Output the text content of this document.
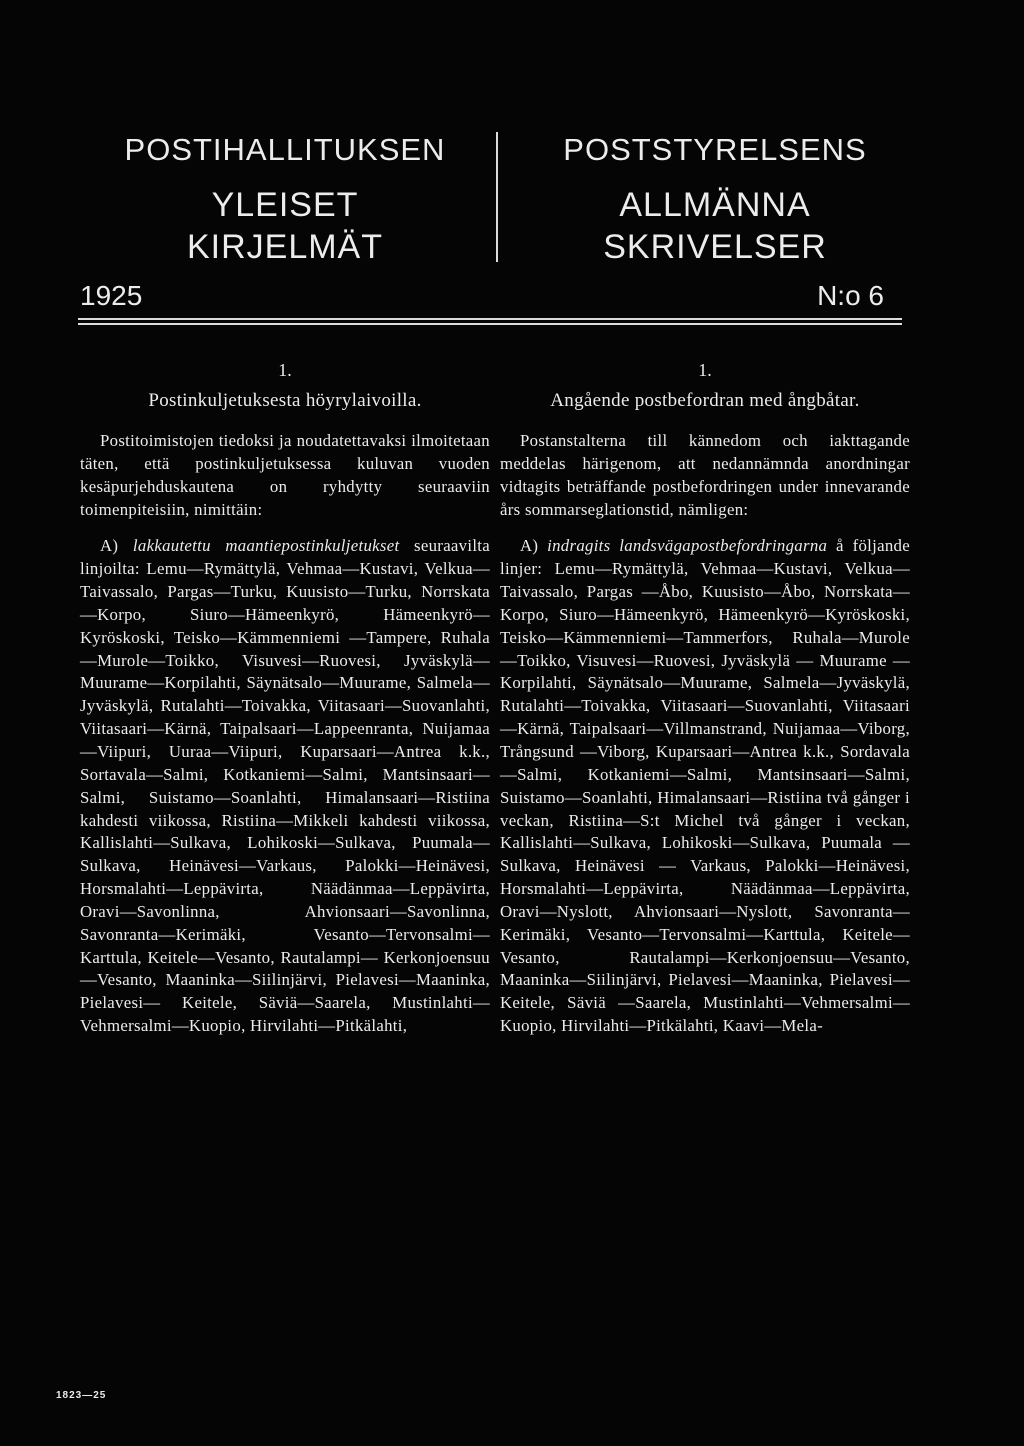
POSTIHALLITUKSEN
YLEISET
KIRJELMÄT
POSTSTYRELSENS
ALLMÄNNA
SKRIVELSER
1925	N:o 6
1.
Postinkuljetuksesta höyrylaivoilla.

Postitoimistojen tiedoksi ja noudatettavaksi ilmoitetaan täten, että postinkuljetuksessa kuluvan vuoden kesäpurjehduskautena on ryhdytty seuraaviin toimenpiteisiin, nimittäin:

A) lakkautettu maantiepostinkuljetukset seuraavilta linjoilta: Lemu—Rymättylä, Vehmaa—Kustavi, Velkua—Taivassalo, Pargas—Turku, Kuusisto—Turku, Norrskata —Korpo, Siuro—Hämeenkyrö, Hämeenkyrö—Kyröskoski, Teisko—Kämmenniemi —Tampere, Ruhala—Murole—Toikko, Visuvesi—Ruovesi, Jyväskylä—Muurame—Korpilahti, Säynätsalo—Muurame, Salmela—Jyväskylä, Rutalahti—Toivakka, Viitasaari—Suovanlahti, Viitasaari—Kärnä, Taipalsaari—Lappeenranta, Nuijamaa—Viipuri, Uuraa—Viipuri, Kuparsaari—Antrea k.k., Sortavala—Salmi, Kotkaniemi—Salmi, Mantsinsaari—Salmi, Suistamo—Soanlahti, Himalansaari—Ristiina kahdesti viikossa, Ristiina—Mikkeli kahdesti viikossa, Kallislahti—Sulkava, Lohikoski—Sulkava, Puumala—Sulkava, Heinävesi—Varkaus, Palokki—Heinävesi, Horsmalahti—Leppävirta, Näädänmaa—Leppävirta, Oravi—Savonlinna, Ahvionsaari—Savonlinna, Savonranta—Kerimäki, Vesanto—Tervonsalmi— Karttula, Keitele—Vesanto, Rautalampi— Kerkonjoensuu—Vesanto, Maaninka—Siilinjärvi, Pielavesi—Maaninka, Pielavesi— Keitele, Säviä—Saarela, Mustinlahti—Vehmersalmi—Kuopio, Hirvilahti—Pitkälahti,

1.
Angående postbefordran med ångbåtar.

Postanstalterna till kännedom och iakttagande meddelas härigenom, att nedannämnda anordningar vidtagits beträffande postbefordringen under innevarande års sommarseglationstid, nämligen:

A) indragits landsvägapostbefordringarna å följande linjer: Lemu—Rymättylä, Vehmaa—Kustavi, Velkua—Taivassalo, Pargas —Åbo, Kuusisto—Åbo, Norrskata—Korpo, Siuro—Hämeenkyrö, Hämeenkyrö—Kyröskoski, Teisko—Kämmenniemi—Tammerfors, Ruhala—Murole—Toikko, Visuvesi—Ruovesi, Jyväskylä — Muurame — Korpilahti, Säynätsalo—Muurame, Salmela—Jyväskylä, Rutalahti—Toivakka, Viitasaari—Suovanlahti, Viitasaari—Kärnä, Taipalsaari—Villmanstrand, Nuijamaa—Viborg, Trångsund —Viborg, Kuparsaari—Antrea k.k., Sordavala—Salmi, Kotkaniemi—Salmi, Mantsinsaari—Salmi, Suistamo—Soanlahti, Himalansaari—Ristiina två gånger i veckan, Ristiina—S:t Michel två gånger i veckan, Kallislahti—Sulkava, Lohikoski—Sulkava, Puumala — Sulkava, Heinävesi — Varkaus, Palokki—Heinävesi, Horsmalahti—Leppävirta, Näädänmaa—Leppävirta, Oravi—Nyslott, Ahvionsaari—Nyslott, Savonranta— Kerimäki, Vesanto—Tervonsalmi—Karttula, Keitele—Vesanto, Rautalampi—Kerkonjoensuu—Vesanto, Maaninka—Siilinjärvi, Pielavesi—Maaninka, Pielavesi—Keitele, Säviä —Saarela, Mustinlahti—Vehmersalmi—Kuopio, Hirvilahti—Pitkälahti, Kaavi—Mela-

1823—25
